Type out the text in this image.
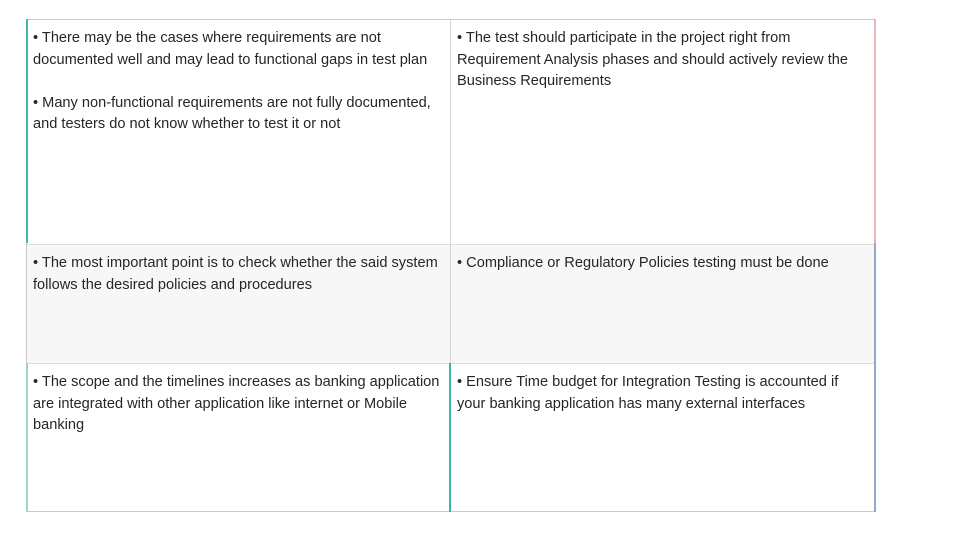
• There may be the cases where requirements are not documented well and may lead to functional gaps in test plan

• Many non-functional requirements are not fully documented, and testers do not know whether to test it or not

• The test should participate in the project right from Requirement Analysis phases and should actively review the Business Requirements

• The most important point is to check whether the said system follows the desired policies and procedures

• Compliance or Regulatory Policies testing must be done

• The scope and the timelines increases as banking application are integrated with other application like internet or Mobile banking

• Ensure Time budget for Integration Testing is accounted if your banking application has many external interfaces
